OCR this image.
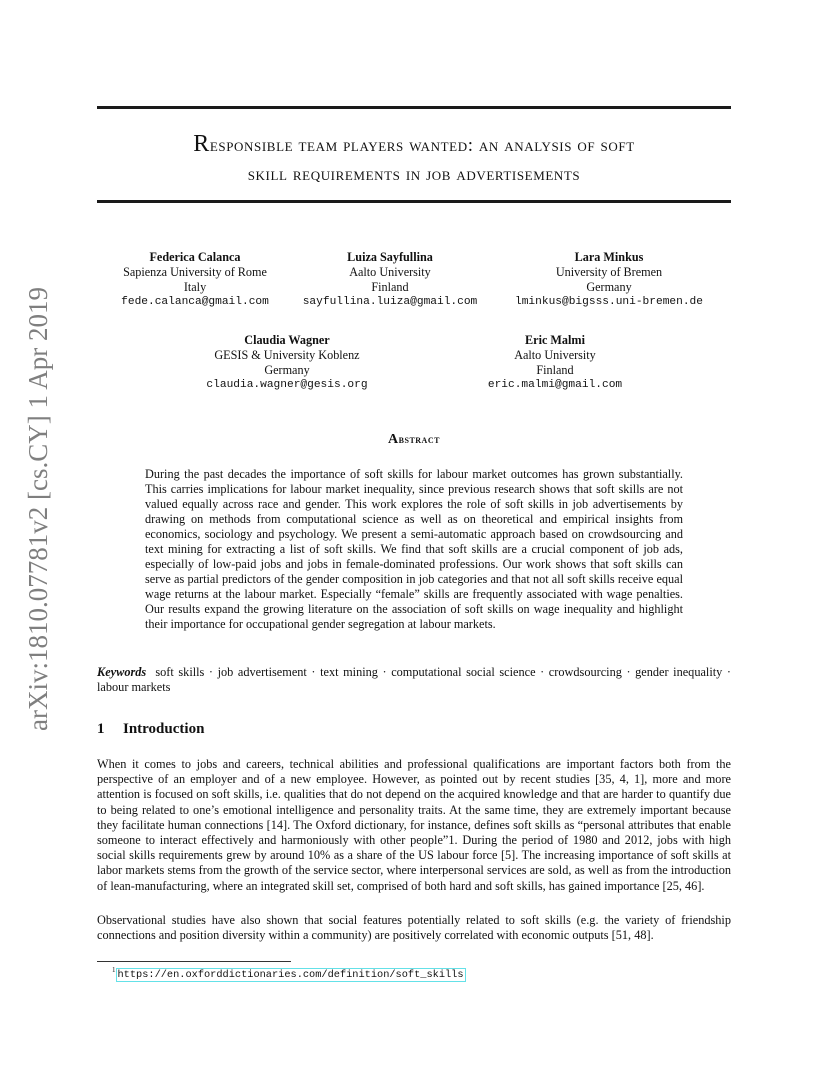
Responsible team players wanted: an analysis of soft
skill requirements in job advertisements
arXiv:1810.07781v2 [cs.CY] 1 Apr 2019
Federica Calanca
Sapienza University of Rome
Italy
fede.calanca@gmail.com
Luiza Sayfullina
Aalto University
Finland
sayfullina.luiza@gmail.com
Lara Minkus
University of Bremen
Germany
lminkus@bigsss.uni-bremen.de
Claudia Wagner
GESIS & University Koblenz
Germany
claudia.wagner@gesis.org
Eric Malmi
Aalto University
Finland
eric.malmi@gmail.com
Abstract
During the past decades the importance of soft skills for labour market outcomes has grown substantially. This carries implications for labour market inequality, since previous research shows that soft skills are not valued equally across race and gender. This work explores the role of soft skills in job advertisements by drawing on methods from computational science as well as on theoretical and empirical insights from economics, sociology and psychology. We present a semi-automatic approach based on crowdsourcing and text mining for extracting a list of soft skills. We find that soft skills are a crucial component of job ads, especially of low-paid jobs and jobs in female-dominated professions. Our work shows that soft skills can serve as partial predictors of the gender composition in job categories and that not all soft skills receive equal wage returns at the labour market. Especially “female” skills are frequently associated with wage penalties. Our results expand the growing literature on the association of soft skills on wage inequality and highlight their importance for occupational gender segregation at labour markets.
Keywords soft skills · job advertisement · text mining · computational social science · crowdsourcing · gender inequality · labour markets
1 Introduction
When it comes to jobs and careers, technical abilities and professional qualifications are important factors both from the perspective of an employer and of a new employee. However, as pointed out by recent studies [35, 4, 1], more and more attention is focused on soft skills, i.e. qualities that do not depend on the acquired knowledge and that are harder to quantify due to being related to one’s emotional intelligence and personality traits. At the same time, they are extremely important because they facilitate human connections [14]. The Oxford dictionary, for instance, defines soft skills as “personal attributes that enable someone to interact effectively and harmoniously with other people”1. During the period of 1980 and 2012, jobs with high social skills requirements grew by around 10% as a share of the US labour force [5]. The increasing importance of soft skills at labor markets stems from the growth of the service sector, where interpersonal services are sold, as well as from the introduction of lean-manufacturing, where an integrated skill set, comprised of both hard and soft skills, has gained importance [25, 46].
Observational studies have also shown that social features potentially related to soft skills (e.g. the variety of friendship connections and position diversity within a community) are positively correlated with economic outputs [51, 48].
$^1$ https://en.oxforddictionaries.com/definition/soft_skills
